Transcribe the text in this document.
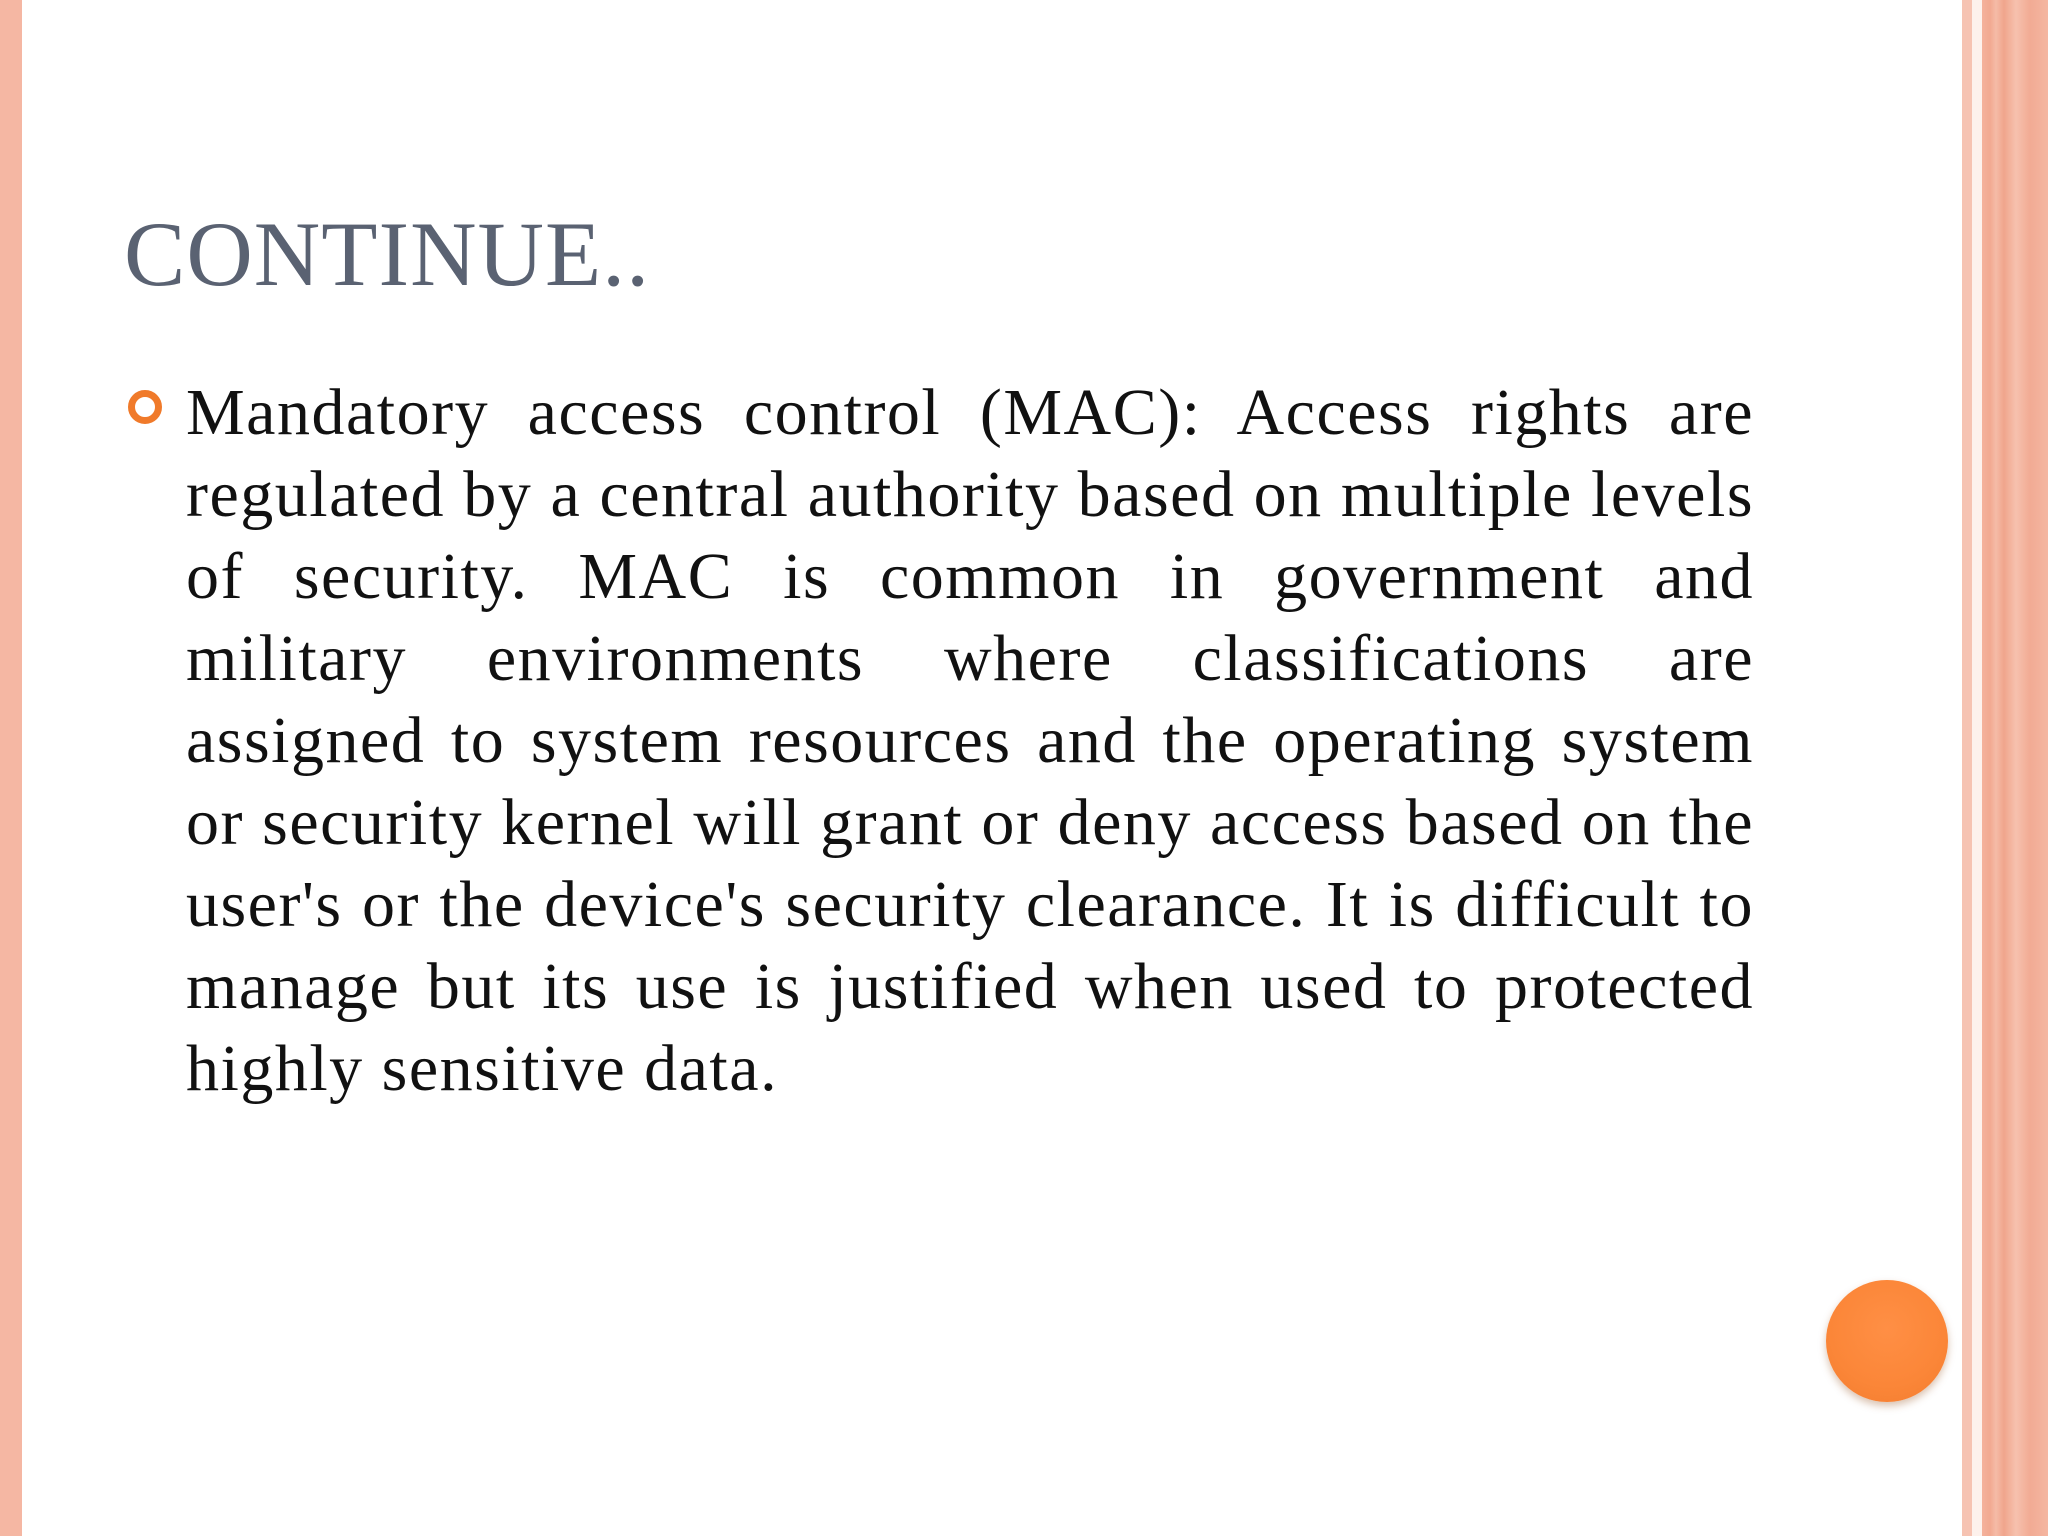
CONTINUE..
Mandatory access control (MAC): Access rights are regulated by a central authority based on multiple levels of security. MAC is common in government and military environments where classifications are assigned to system resources and the operating system or security kernel will grant or deny access based on the user's or the device's security clearance. It is difficult to manage but its use is justified when used to protected highly sensitive data.
